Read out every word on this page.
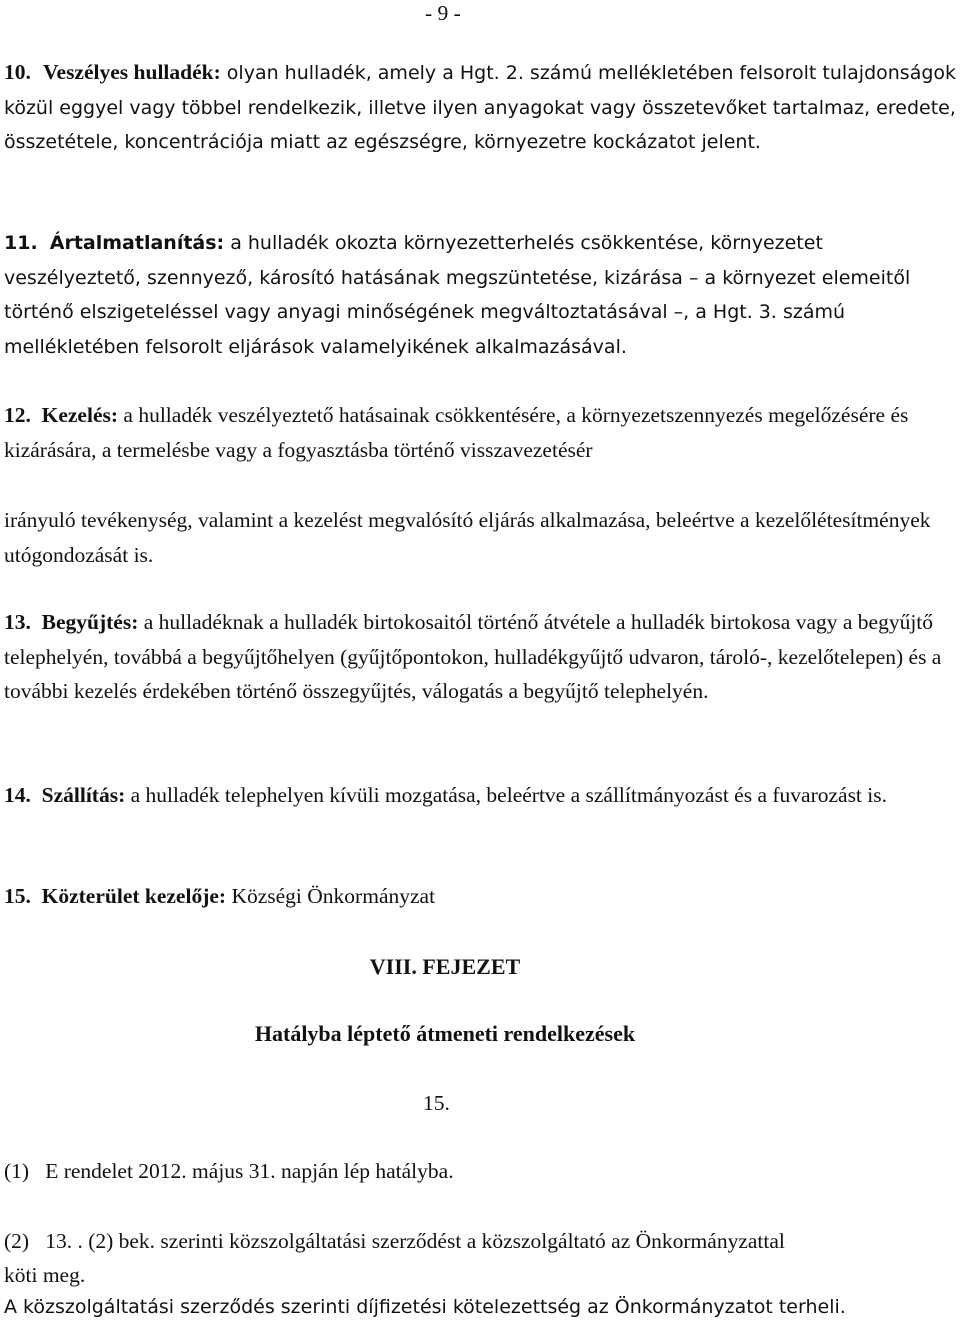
- 9 -

10. Veszélyes hulladék: olyan hulladék, amely a Hgt. 2. számú mellékletében felsorolt tulajdonságok közül eggyel vagy többel rendelkezik, illetve ilyen anyagokat vagy összetevőket tartalmaz, eredete, összetétele, koncentrációja miatt az egészségre, környezetre kockázatot jelent.

11. Ártalmatlanítás: a hulladék okozta környezetterhelés csökkentése, környezetet veszélyeztető, szennyező, károsító hatásának megszüntetése, kizárása – a környezet elemeitől történő elszigeteléssel vagy anyagi minőségének megváltoztatásával –, a Hgt. 3. számú mellékletében felsorolt eljárások valamelyikének alkalmazásával.

12. Kezelés: a hulladék veszélyeztető hatásainak csökkentésére, a környezetszennyezés megelőzésére és kizárására, a termelésbe vagy a fogyasztásba történő visszavezetésér

irányuló tevékenység, valamint a kezelést megvalósító eljárás alkalmazása, beleértve a kezelőlétesítmények utógondozását is.

13. Begyűjtés: a hulladéknak a hulladék birtokosaitól történő átvétele a hulladék birtokosa vagy a begyűjtő telephelyén, továbbá a begyűjtőhelyen (gyűjtőpontokon, hulladékgyűjtő udvaron, tároló-, kezelőtelepen) és a további kezelés érdekében történő összegyűjtés, válogatás a begyűjtő telephelyén.

14. Szállítás: a hulladék telephelyen kívüli mozgatása, beleértve a szállítmányozást és a fuvarozást is.

15. Közterület kezelője: Községi Önkormányzat

VIII. FEJEZET
Hatályba léptető átmeneti rendelkezések
15.
(1)   E rendelet 2012. május 31. napján lép hatályba.
(2)   13. . (2) bek. szerinti közszolgáltatási szerződést a közszolgáltató az Önkormányzattal
köti meg.
A közszolgáltatási szerződés szerinti díjfizetési kötelezettség az Önkormányzatot terheli.
